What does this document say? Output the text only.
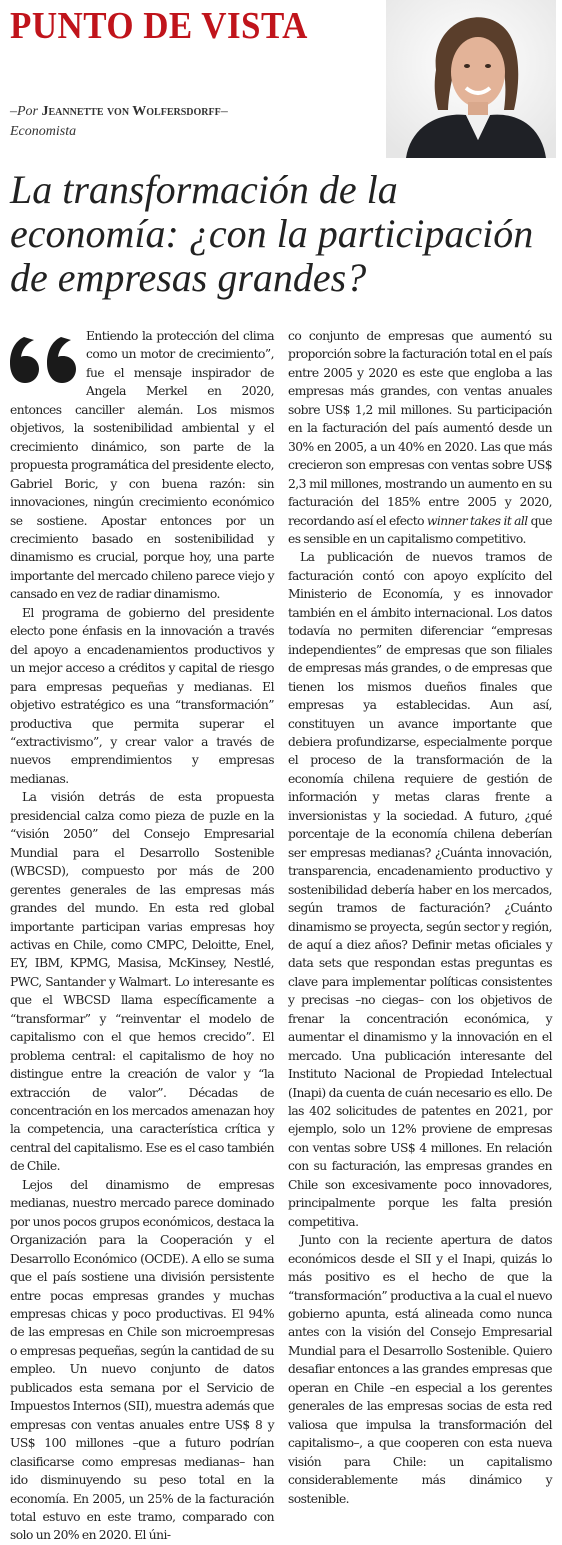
PUNTO DE VISTA
–Por Jeannette von Wolfersdorff–
Economista
La transformación de la economía: ¿con la participación de empresas grandes?

Entiendo la protección del clima como un motor de crecimiento”, fue el mensaje inspirador de Angela Merkel en 2020, entonces canciller alemán. Los mismos objetivos, la sostenibilidad ambiental y el crecimiento dinámico, son parte de la propuesta programática del presidente electo, Gabriel Boric, y con buena razón: sin innovaciones, ningún crecimiento económico se sostiene. Apostar entonces por un crecimiento basado en sostenibilidad y dinamismo es crucial, porque hoy, una parte importante del mercado chileno parece viejo y cansado en vez de radiar dinamismo.

El programa de gobierno del presidente electo pone énfasis en la innovación a través del apoyo a encadenamientos productivos y un mejor acceso a créditos y capital de riesgo para empresas pequeñas y medianas. El objetivo estratégico es una “transformación” productiva que permita superar el “extractivismo”, y crear valor a través de nuevos emprendimientos y empresas medianas.

La visión detrás de esta propuesta presidencial calza como pieza de puzle en la “visión 2050” del Consejo Empresarial Mundial para el Desarrollo Sostenible (WBCSD), compuesto por más de 200 gerentes generales de las empresas más grandes del mundo. En esta red global importante participan varias empresas hoy activas en Chile, como CMPC, Deloitte, Enel, EY, IBM, KPMG, Masisa, McKinsey, Nestlé, PWC, Santander y Walmart. Lo interesante es que el WBCSD llama específicamente a “transformar” y “reinventar el modelo de capitalismo con el que hemos crecido”. El problema central: el capitalismo de hoy no distingue entre la creación de valor y “la extracción de valor”. Décadas de concentración en los mercados amenazan hoy la competencia, una característica crítica y central del capitalismo. Ese es el caso también de Chile.

Lejos del dinamismo de empresas medianas, nuestro mercado parece dominado por unos pocos grupos económicos, destaca la Organización para la Cooperación y el Desarrollo Económico (OCDE). A ello se suma que el país sostiene una división persistente entre pocas empresas grandes y muchas empresas chicas y poco productivas. El 94% de las empresas en Chile son microempresas o empresas pequeñas, según la cantidad de su empleo. Un nuevo conjunto de datos publicados esta semana por el Servicio de Impuestos Internos (SII), muestra además que empresas con ventas anuales entre US$ 8 y US$ 100 millones –que a futuro podrían clasificarse como empresas medianas– han ido disminuyendo su peso total en la economía. En 2005, un 25% de la facturación total estuvo en este tramo, comparado con solo un 20% en 2020. El úni-

co conjunto de empresas que aumentó su proporción sobre la facturación total en el país entre 2005 y 2020 es este que engloba a las empresas más grandes, con ventas anuales sobre US$ 1,2 mil millones. Su participación en la facturación del país aumentó desde un 30% en 2005, a un 40% en 2020. Las que más crecieron son empresas con ventas sobre US$ 2,3 mil millones, mostrando un aumento en su facturación del 185% entre 2005 y 2020, recordando así el efecto winner takes it all que es sensible en un capitalismo competitivo.

La publicación de nuevos tramos de facturación contó con apoyo explícito del Ministerio de Economía, y es innovador también en el ámbito internacional. Los datos todavía no permiten diferenciar “empresas independientes” de empresas que son filiales de empresas más grandes, o de empresas que tienen los mismos dueños finales que empresas ya establecidas. Aun así, constituyen un avance importante que debiera profundizarse, especialmente porque el proceso de la transformación de la economía chilena requiere de gestión de información y metas claras frente a inversionistas y la sociedad. A futuro, ¿qué porcentaje de la economía chilena deberían ser empresas medianas? ¿Cuánta innovación, transparencia, encadenamiento productivo y sostenibilidad debería haber en los mercados, según tramos de facturación? ¿Cuánto dinamismo se proyecta, según sector y región, de aquí a diez años? Definir metas oficiales y data sets que respondan estas preguntas es clave para implementar políticas consistentes y precisas –no ciegas– con los objetivos de frenar la concentración económica, y aumentar el dinamismo y la innovación en el mercado. Una publicación interesante del Instituto Nacional de Propiedad Intelectual (Inapi) da cuenta de cuán necesario es ello. De las 402 solicitudes de patentes en 2021, por ejemplo, solo un 12% proviene de empresas con ventas sobre US$ 4 millones. En relación con su facturación, las empresas grandes en Chile son excesivamente poco innovadores, principalmente porque les falta presión competitiva.

Junto con la reciente apertura de datos económicos desde el SII y el Inapi, quizás lo más positivo es el hecho de que la “transformación” productiva a la cual el nuevo gobierno apunta, está alineada como nunca antes con la visión del Consejo Empresarial Mundial para el Desarrollo Sostenible. Quiero desafiar entonces a las grandes empresas que operan en Chile –en especial a los gerentes generales de las empresas socias de esta red valiosa que impulsa la transformación del capitalismo–, a que cooperen con esta nueva visión para Chile: un capitalismo considerablemente más dinámico y sostenible.
